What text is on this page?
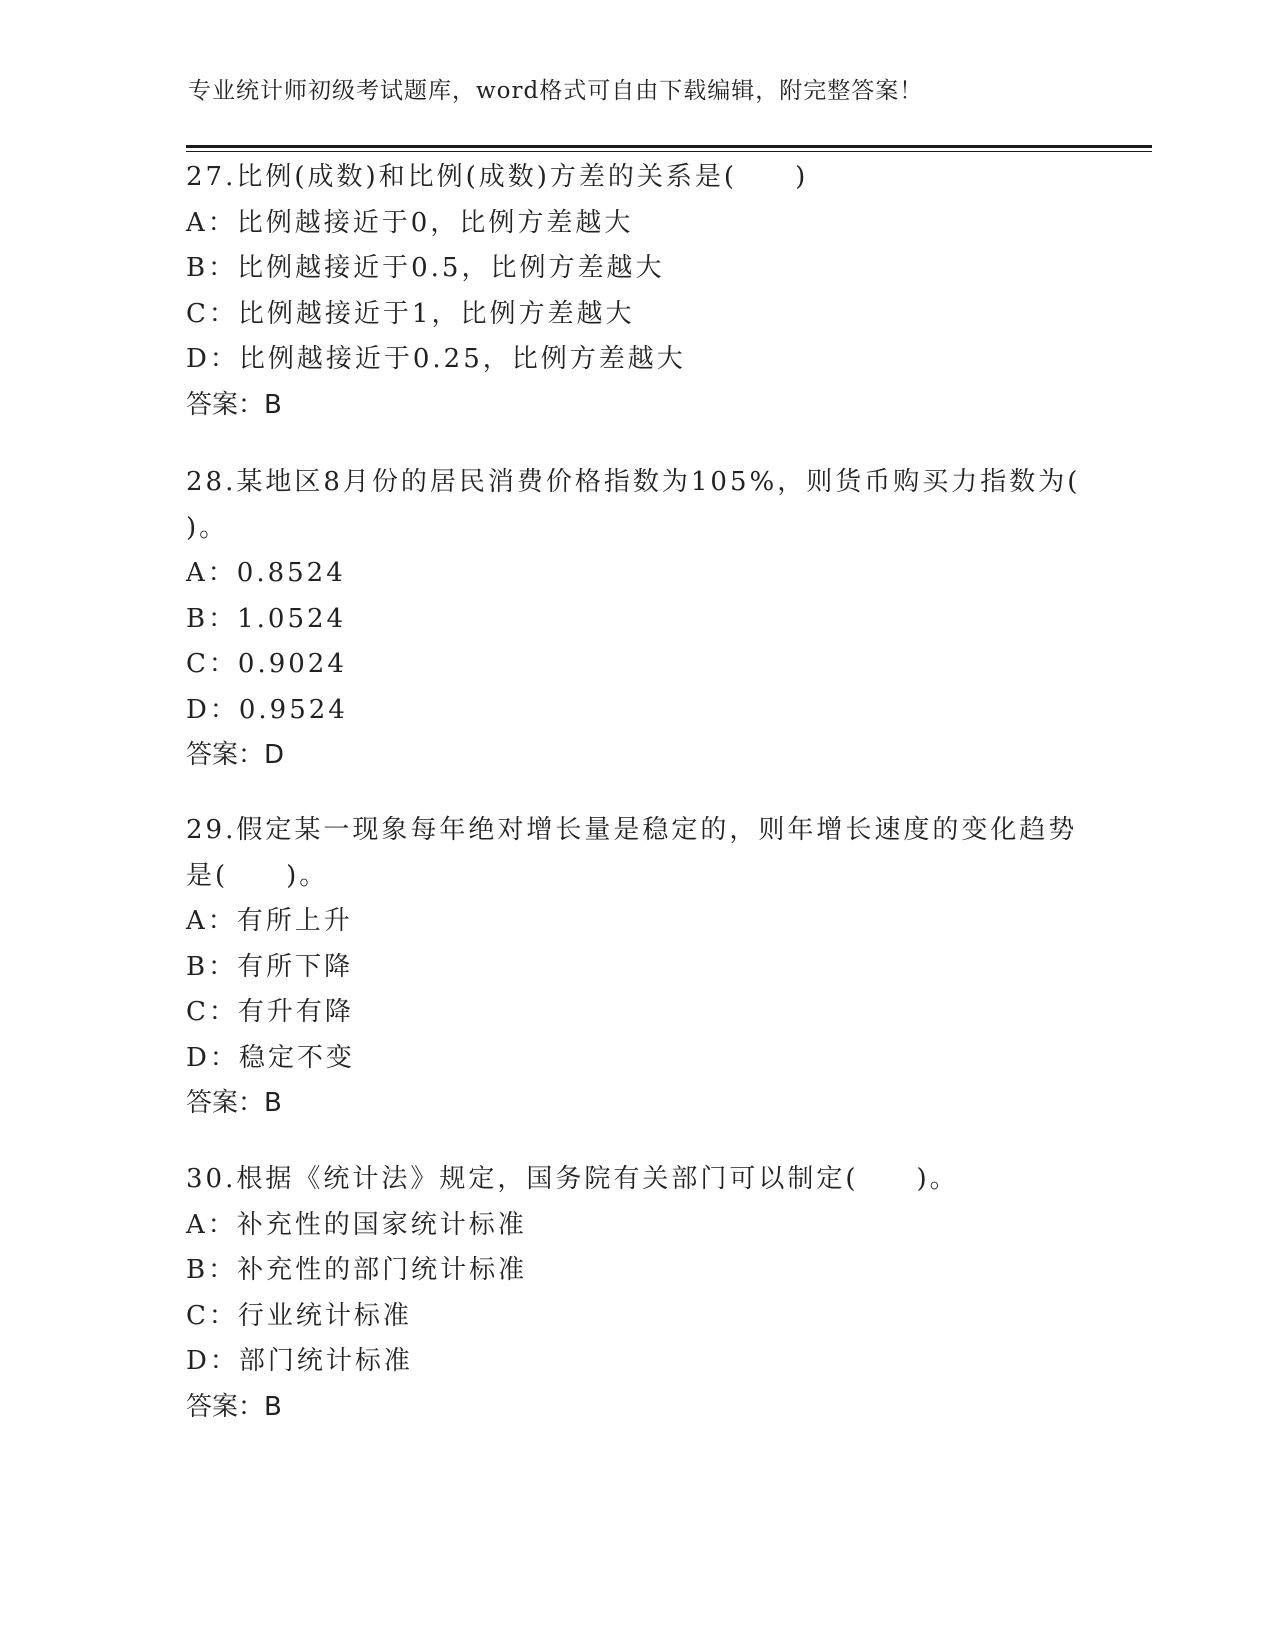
专业统计师初级考试题库，word格式可自由下载编辑，附完整答案！
27.比例(成数)和比例(成数)方差的关系是(　　)
A：比例越接近于0，比例方差越大
B：比例越接近于0.5，比例方差越大
C：比例越接近于1，比例方差越大
D：比例越接近于0.25，比例方差越大
答案：B
28.某地区8月份的居民消费价格指数为105%，则货币购买力指数为(
)。
A：0.8524
B：1.0524
C：0.9024
D：0.9524
答案：D
29.假定某一现象每年绝对增长量是稳定的，则年增长速度的变化趋势
是(　　)。
A：有所上升
B：有所下降
C：有升有降
D：稳定不变
答案：B
30.根据《统计法》规定，国务院有关部门可以制定(　　)。
A：补充性的国家统计标准
B：补充性的部门统计标准
C：行业统计标准
D：部门统计标准
答案：B
